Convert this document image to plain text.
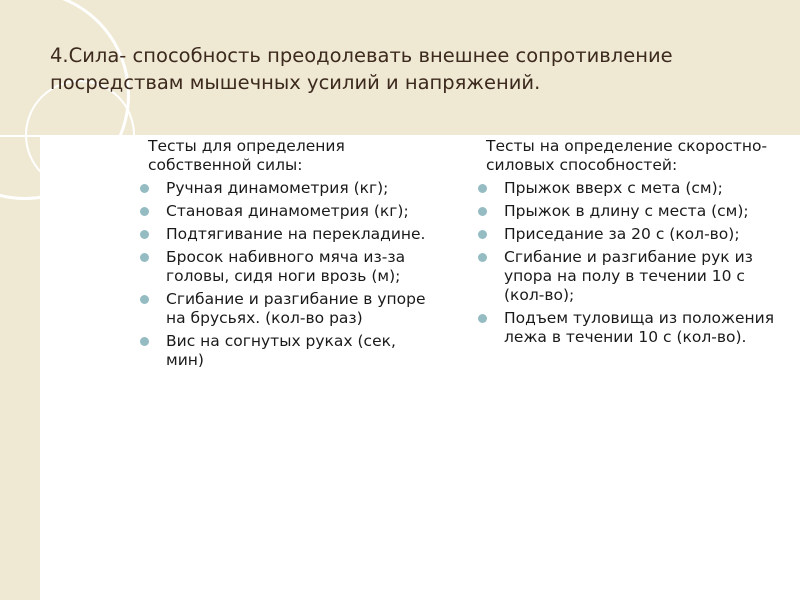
4.Сила- способность преодолевать внешнее сопротивление посредствам мышечных усилий и напряжений.
Тесты для определения собственной силы:
Ручная динамометрия (кг);
Становая динамометрия (кг);
Подтягивание на перекладине.
Бросок набивного мяча из-за головы, сидя ноги врозь (м);
Сгибание и разгибание в упоре на брусьях. (кол-во раз)
Вис на согнутых руках (сек, мин)
Тесты на определение скоростно-силовых способностей:
Прыжок вверх с мета (см);
Прыжок в длину с места (см);
Приседание за 20 с (кол-во);
Сгибание и разгибание рук из упора на полу в течении 10 с (кол-во);
Подъем туловища из положения лежа в течении 10 с (кол-во).
